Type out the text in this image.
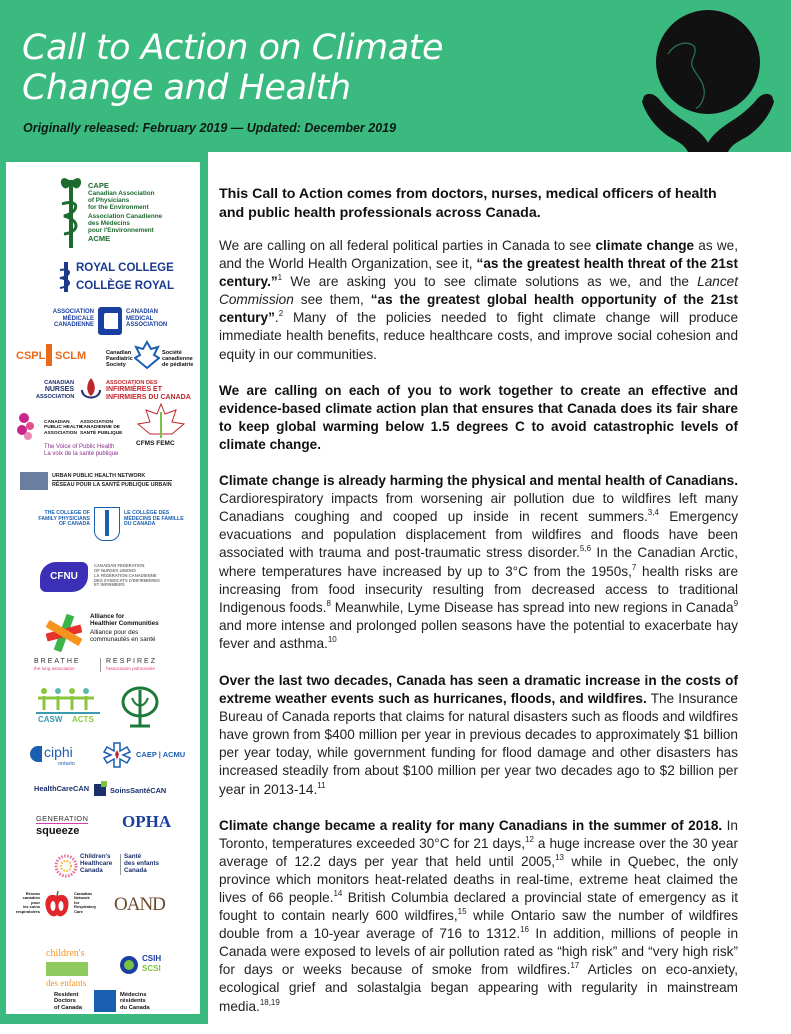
Call to Action on Climate Change and Health
Originally released: February 2019 — Updated: December 2019
CAPE
Canadian Association
of Physicians
for the Environment
Association Canadienne
des Médecins
pour l'Environnement
ACME
ROYAL COLLEGE
COLLÈGE ROYAL
ASSOCIATION
MÉDICALE
CANADIENNE
CANADIAN
MEDICAL
ASSOCIATION
CSPL SCLM	Canadian
Paediatric
Society
Société
canadienne
de pédiatrie
CANADIAN
NURSES
ASSOCIATION
ASSOCIATION DES
INFIRMIÈRES ET
INFIRMIERS DU CANADA
CANADIAN
PUBLIC HEALTH
ASSOCIATION
ASSOCIATION
CANADIENNE DE
SANTÉ PUBLIQUE
The Voice of Public Health
La voix de la santé publique
CFMS FEMC
URBAN PUBLIC HEALTH NETWORK
RÉSEAU POUR LA SANTÉ PUBLIQUE URBAIN
THE COLLEGE OF
FAMILY PHYSICIANS
OF CANADA
LE COLLÈGE DES
MÉDECINS DE FAMILLE
DU CANADA
CFNU
CANADIAN FEDERATION
OF NURSES UNIONS
LA FÉDÉRATION CANADIENNE
DES SYNDICATS D'INFIRMIÈRES
ET INFIRMIERS
Alliance for
Healthier Communities
Alliance pour des
communautés en santé
BREATHE
the lung association
RESPIREZ
l'association pulmonaire
CASW ACTS
ciphi
ontario
CAEP | ACMU
HealthCareCAN	SoinsSantéCAN
GENERATION
squeeze	OPHA
Children's
Healthcare
Canada
Santé
des enfants
Canada
Réseau
canadien
pour
les soins
respiratoires
Canadian
Network
for
Respiratory
Care	OAND
children's
des enfants
CSIH
SCSI
Resident
Doctors
of Canada
Médecins
résidents
du Canada

This Call to Action comes from doctors, nurses, medical officers of health and public health professionals across Canada.

We are calling on all federal political parties in Canada to see climate change as we, and the World Health Organization, see it, “as the greatest health threat of the 21st century.”$^1$ We are asking you to see climate solutions as we, and the Lancet Commission see them, “as the greatest global health opportunity of the 21st century”.$^2$ Many of the policies needed to fight climate change will produce immediate health benefits, reduce healthcare costs, and improve social cohesion and equity in our communities.

We are calling on each of you to work together to create an effective and evidence-based climate action plan that ensures that Canada does its fair share to keep global warming below 1.5 degrees C to avoid catastrophic levels of climate change.

Climate change is already harming the physical and mental health of Canadians. Cardiorespiratory impacts from worsening air pollution due to wildfires left many Canadians coughing and cooped up inside in recent summers.$^{3,4}$ Emergency evacuations and population displacement from wildfires and floods have been associated with trauma and post-traumatic stress disorder.$^{5,6}$ In the Canadian Arctic, where temperatures have increased by up to 3°C from the 1950s,$^7$ health risks are increasing from food insecurity resulting from decreased access to traditional Indigenous foods.$^8$ Meanwhile, Lyme Disease has spread into new regions in Canada$^9$ and more intense and prolonged pollen seasons have the potential to exacerbate hay fever and asthma.$^{10}$

Over the last two decades, Canada has seen a dramatic increase in the costs of extreme weather events such as hurricanes, floods, and wildfires. The Insurance Bureau of Canada reports that claims for natural disasters such as floods and wildfires have grown from $400 million per year in previous decades to approximately $1 billion per year today, while government funding for flood damage and other disasters has increased steadily from about $100 million per year two decades ago to $2 billion per year in 2013-14.11

Climate change became a reality for many Canadians in the summer of 2018. In Toronto, temperatures exceeded 30°C for 21 days,$^{12}$ a huge increase over the 30 year average of 12.2 days per year that held until 2005,13 while in Quebec, the only province which monitors heat-related deaths in real-time, extreme heat claimed the lives of 66 people.$^{14}$ British Columbia declared a provincial state of emergency as it fought to contain nearly 600 wildfires,$^{15}$ while Ontario saw the number of wildfires double from a 10-year average of 716 to 1312.16 In addition, millions of people in Canada were exposed to levels of air pollution rated as “high risk” and “very high risk” for days or weeks because of smoke from wildfires.$^{17}$ Articles on eco-anxiety, ecological grief and solastalgia began appearing with regularity in mainstream media.$^{18,19}$
